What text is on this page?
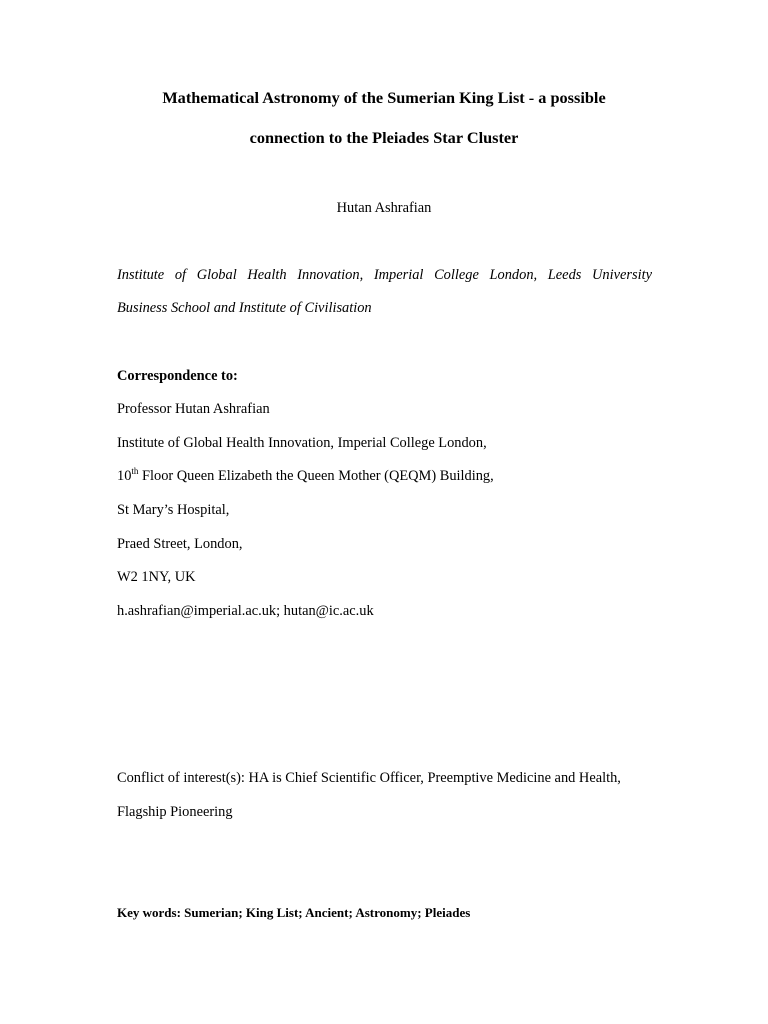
Mathematical Astronomy of the Sumerian King List - a possible
connection to the Pleiades Star Cluster
Hutan Ashrafian
Institute of Global Health Innovation, Imperial College London, Leeds University
Business School and Institute of Civilisation
Correspondence to:
Professor Hutan Ashrafian
Institute of Global Health Innovation, Imperial College London,
10th Floor Queen Elizabeth the Queen Mother (QEQM) Building,
St Mary’s Hospital,
Praed Street, London,
W2 1NY, UK
h.ashrafian@imperial.ac.uk; hutan@ic.ac.uk
Conflict of interest(s): HA is Chief Scientific Officer, Preemptive Medicine and Health,
Flagship Pioneering
Key words: Sumerian; King List; Ancient; Astronomy; Pleiades
